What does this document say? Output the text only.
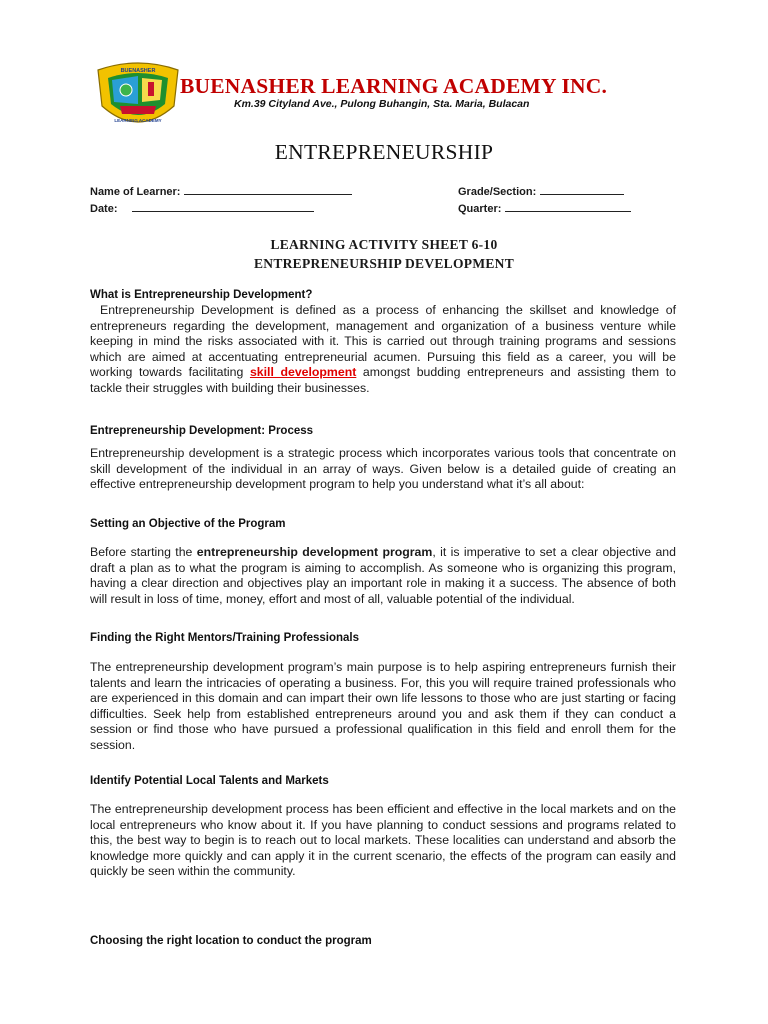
BUENASHER
LEARNING ACADEMY
BUENASHER LEARNING ACADEMY INC.
Km.39 Cityland Ave., Pulong Buhangin, Sta. Maria, Bulacan
ENTREPRENEURSHIP
Name of Learner:	Grade/Section:
Date:	Quarter:
LEARNING ACTIVITY SHEET 6-10
ENTREPRENEURSHIP DEVELOPMENT
What is Entrepreneurship Development?
Entrepreneurship Development is defined as a process of enhancing the skillset and knowledge of entrepreneurs regarding the development, management and organization of a business venture while keeping in mind the risks associated with it. This is carried out through training programs and sessions which are aimed at accentuating entrepreneurial acumen. Pursuing this field as a career, you will be working towards facilitating skill development amongst budding entrepreneurs and assisting them to tackle their struggles with building their businesses.
Entrepreneurship Development: Process
Entrepreneurship development is a strategic process which incorporates various tools that concentrate on skill development of the individual in an array of ways. Given below is a detailed guide of creating an effective entrepreneurship development program to help you understand what it’s all about:
Setting an Objective of the Program
Before starting the entrepreneurship development program, it is imperative to set a clear objective and draft a plan as to what the program is aiming to accomplish. As someone who is organizing this program, having a clear direction and objectives play an important role in making it a success. The absence of both will result in loss of time, money, effort and most of all, valuable potential of the individual.
Finding the Right Mentors/Training Professionals
The entrepreneurship development program’s main purpose is to help aspiring entrepreneurs furnish their talents and learn the intricacies of operating a business. For, this you will require trained professionals who are experienced in this domain and can impart their own life lessons to those who are just starting or facing difficulties. Seek help from established entrepreneurs around you and ask them if they can conduct a session or find those who have pursued a professional qualification in this field and enroll them for the session.
Identify Potential Local Talents and Markets
The entrepreneurship development process has been efficient and effective in the local markets and on the local entrepreneurs who know about it. If you have planning to conduct sessions and programs related to this, the best way to begin is to reach out to local markets. These localities can understand and absorb the knowledge more quickly and can apply it in the current scenario, the effects of the program can easily and quickly be seen within the community.
Choosing the right location to conduct the program
